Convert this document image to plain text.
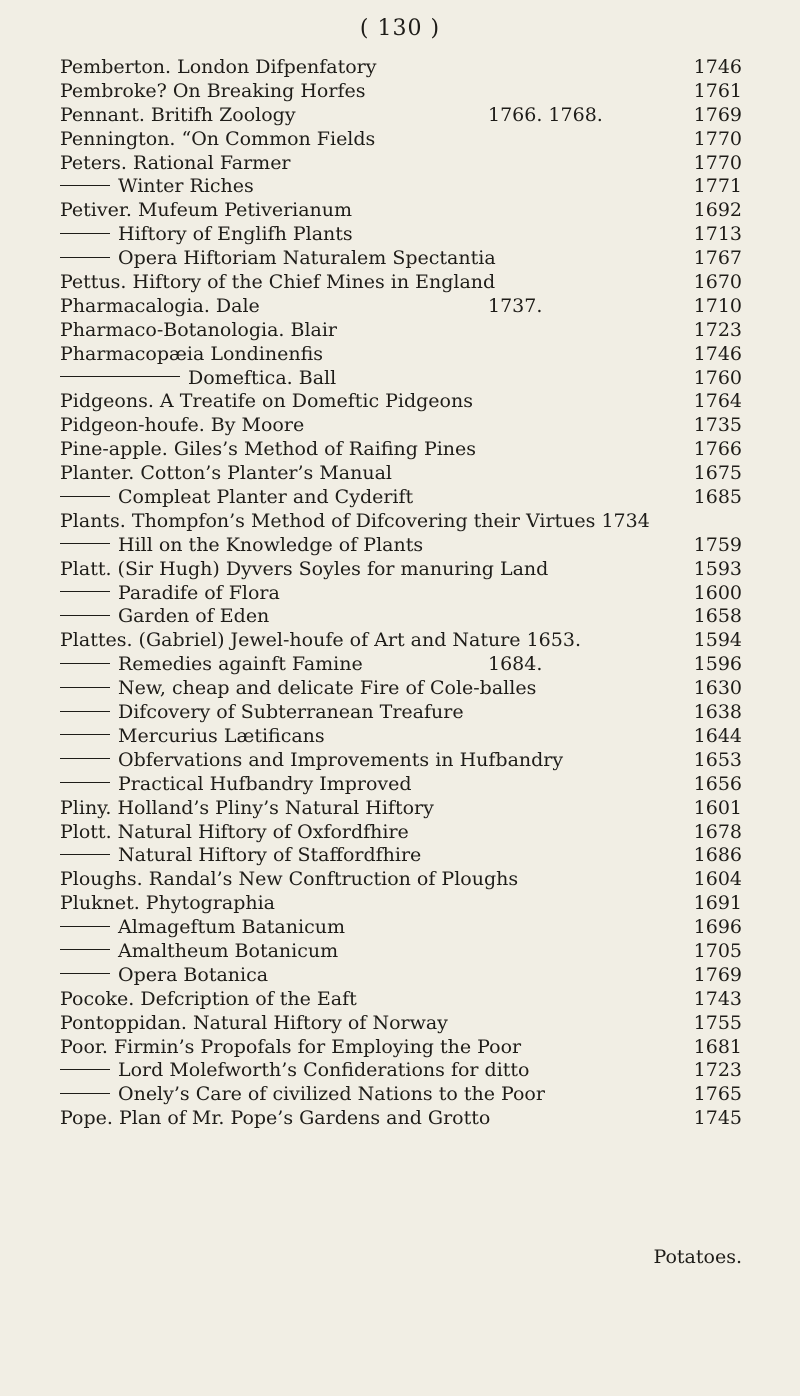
( 130 )
Pemberton. London Difpenfatory	1746
Pembroke? On Breaking Horfes	1761
Pennant. Britifh Zoology	1766. 1768.	1769
Pennington. “On Common Fields	1770
Peters. Rational Farmer	1770
Winter Riches	1771
Petiver. Mufeum Petiverianum	1692
Hiftory of Englifh Plants	1713
Opera Hiftoriam Naturalem Spectantia	1767
Pettus. Hiftory of the Chief Mines in England	1670
Pharmacalogia. Dale	1737.	1710
Pharmaco-Botanologia. Blair	1723
Pharmacopæia Londinenfis	1746
Domeftica. Ball	1760
Pidgeons. A Treatife on Domeftic Pidgeons	1764
Pidgeon-houfe. By Moore	1735
Pine-apple. Giles’s Method of Raifing Pines	1766
Planter. Cotton’s Planter’s Manual	1675
Compleat Planter and Cyderift	1685
Plants. Thompfon’s Method of Difcovering their Virtues 1734
Hill on the Knowledge of Plants	1759
Platt. (Sir Hugh) Dyvers Soyles for manuring Land	1593
Paradife of Flora	1600
Garden of Eden	1658
Plattes. (Gabriel) Jewel-houfe of Art and Nature 1653.	1594
Remedies againft Famine	1684.	1596
New, cheap and delicate Fire of Cole-balles	1630
Difcovery of Subterranean Treafure	1638
Mercurius Lætificans	1644
Obfervations and Improvements in Hufbandry	1653
Practical Hufbandry Improved	1656
Pliny. Holland’s Pliny’s Natural Hiftory	1601
Plott. Natural Hiftory of Oxfordfhire	1678
Natural Hiftory of Staffordfhire	1686
Ploughs. Randal’s New Conftruction of Ploughs	1604
Pluknet. Phytographia	1691
Almageftum Batanicum	1696
Amaltheum Botanicum	1705
Opera Botanica	1769
Pocoke. Defcription of the Eaft	1743
Pontoppidan. Natural Hiftory of Norway	1755
Poor. Firmin’s Propofals for Employing the Poor	1681
Lord Molefworth’s Confiderations for ditto	1723
Onely’s Care of civilized Nations to the Poor	1765
Pope. Plan of Mr. Pope’s Gardens and Grotto	1745
Potatoes.
